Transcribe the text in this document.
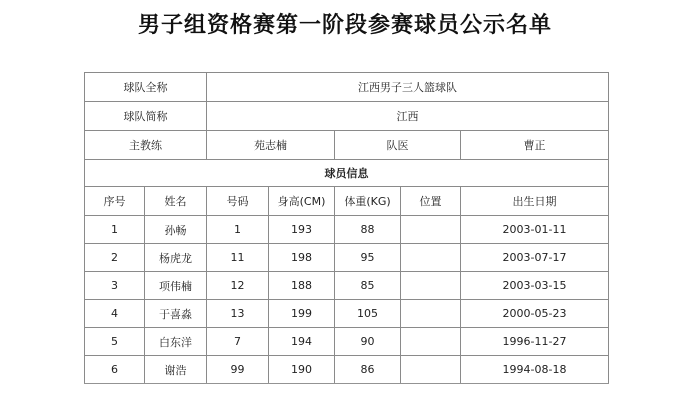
男子组资格赛第一阶段参赛球员公示名单
球队全称		江西男子三人篮球队				
球队简称		江西				
主教练		苑志楠		队医		曹正
球员信息						
序号	姓名	号码	身高(CM)	体重(KG)	位置	出生日期
1	孙畅	1	193	88		2003-01-11
2	杨虎龙	11	198	95		2003-07-17
3	项伟楠	12	188	85		2003-03-15
4	于喜淼	13	199	105		2000-05-23
5	白东洋	7	194	90		1996-11-27
6	谢浩	99	190	86		1994-08-18
